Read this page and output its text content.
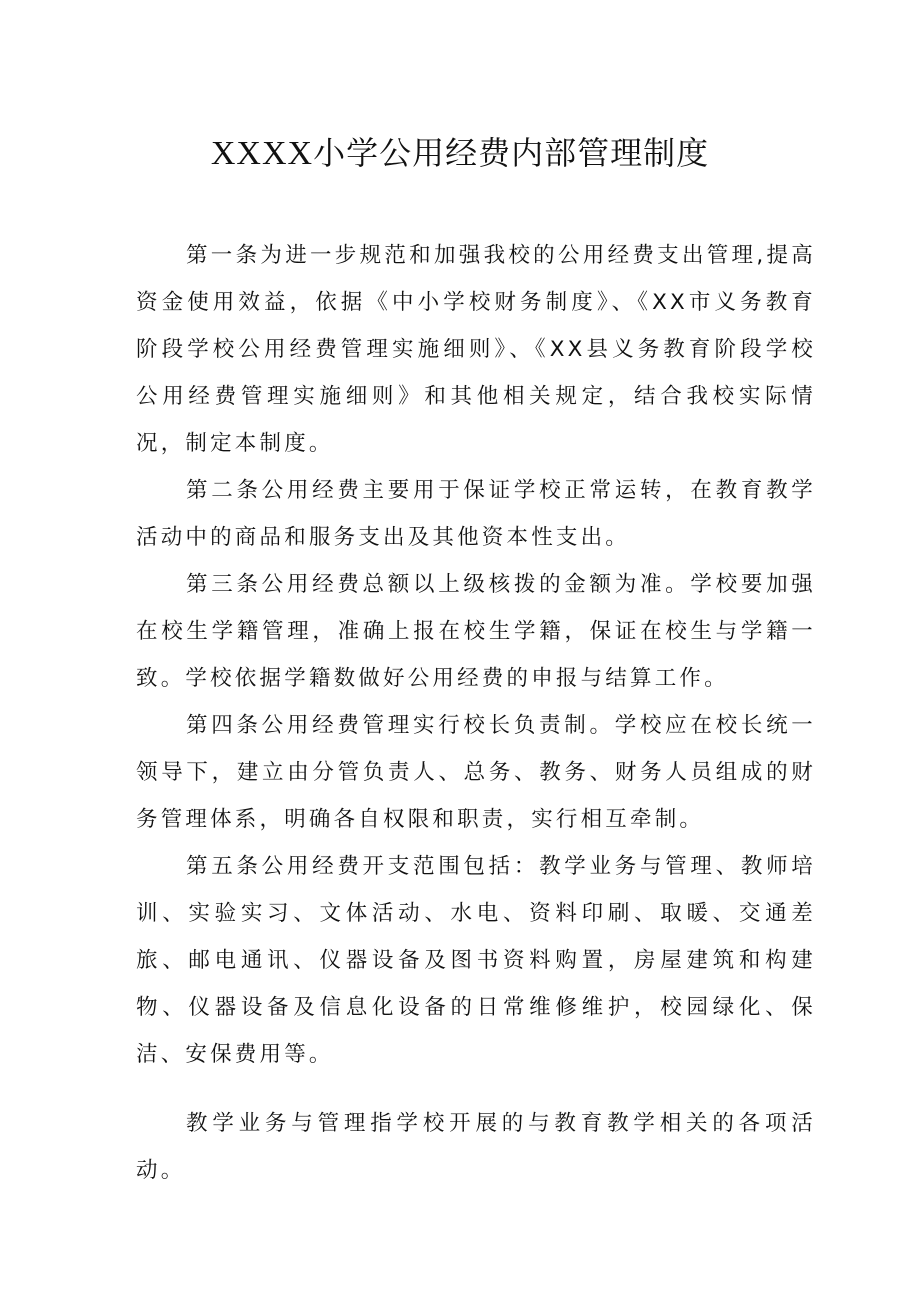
XXXX小学公用经费内部管理制度

第一条为进一步规范和加强我校的公用经费支出管理,提高资金使用效益，依据《中小学校财务制度》、《XX市义务教育阶段学校公用经费管理实施细则》、《XX县义务教育阶段学校公用经费管理实施细则》和其他相关规定，结合我校实际情况，制定本制度。

第二条公用经费主要用于保证学校正常运转，在教育教学活动中的商品和服务支出及其他资本性支出。

第三条公用经费总额以上级核拨的金额为准。学校要加强在校生学籍管理，准确上报在校生学籍，保证在校生与学籍一致。学校依据学籍数做好公用经费的申报与结算工作。

第四条公用经费管理实行校长负责制。学校应在校长统一领导下，建立由分管负责人、总务、教务、财务人员组成的财务管理体系，明确各自权限和职责，实行相互牵制。

第五条公用经费开支范围包括：教学业务与管理、教师培训、实验实习、文体活动、水电、资料印刷、取暖、交通差旅、邮电通讯、仪器设备及图书资料购置，房屋建筑和构建物、仪器设备及信息化设备的日常维修维护，校园绿化、保洁、安保费用等。

教学业务与管理指学校开展的与教育教学相关的各项活动。
